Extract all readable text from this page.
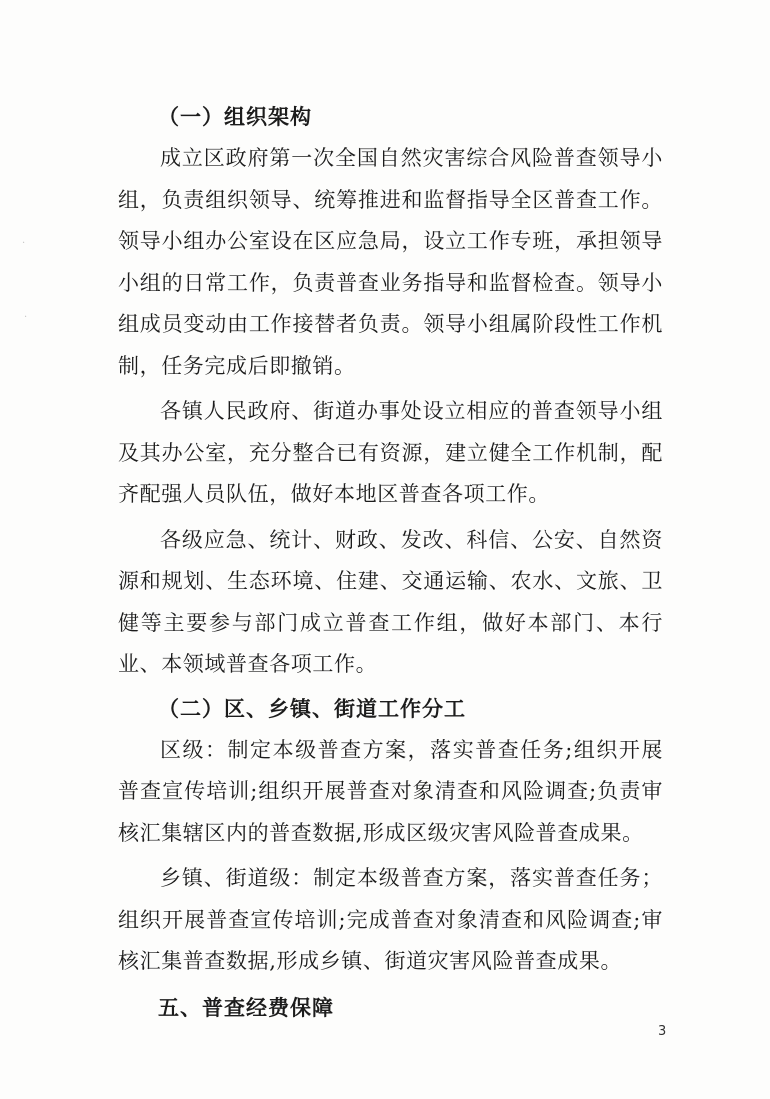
（一）组织架构

成立区政府第一次全国自然灾害综合风险普查领导小组，负责组织领导、统筹推进和监督指导全区普查工作。领导小组办公室设在区应急局，设立工作专班，承担领导小组的日常工作，负责普查业务指导和监督检查。领导小组成员变动由工作接替者负责。领导小组属阶段性工作机制，任务完成后即撤销。

各镇人民政府、街道办事处设立相应的普查领导小组及其办公室，充分整合已有资源，建立健全工作机制，配齐配强人员队伍，做好本地区普查各项工作。

各级应急、统计、财政、发改、科信、公安、自然资源和规划、生态环境、住建、交通运输、农水、文旅、卫健等主要参与部门成立普查工作组，做好本部门、本行业、本领域普查各项工作。

（二）区、乡镇、街道工作分工

区级：制定本级普查方案，落实普查任务;组织开展普查宣传培训;组织开展普查对象清查和风险调查;负责审核汇集辖区内的普查数据,形成区级灾害风险普查成果。

乡镇、街道级：制定本级普查方案，落实普查任务；组织开展普查宣传培训;完成普查对象清查和风险调查;审核汇集普查数据,形成乡镇、街道灾害风险普查成果。

五、普查经费保障

·
·
3
